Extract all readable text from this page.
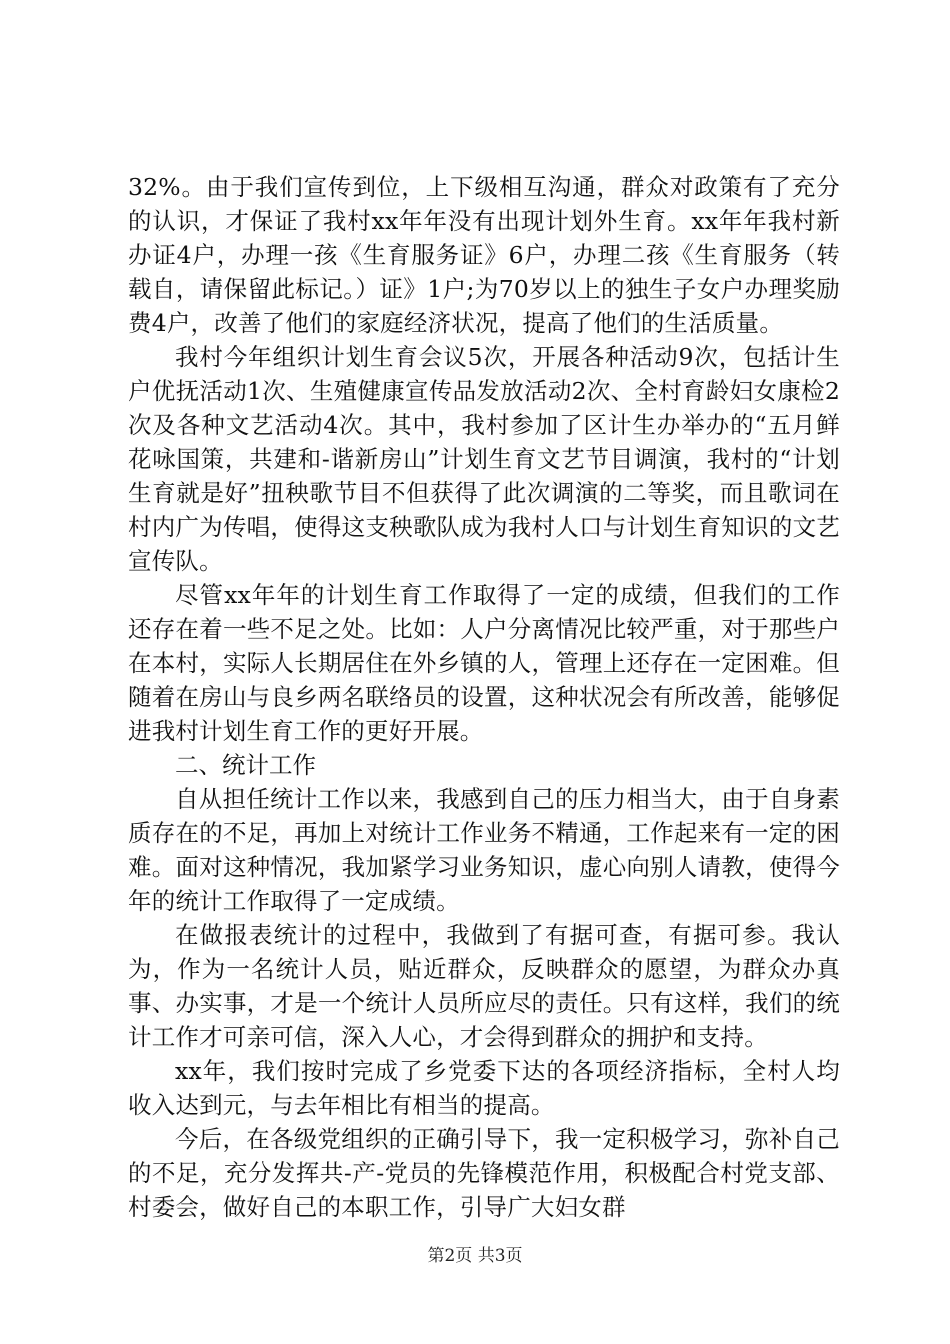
32%。由于我们宣传到位，上下级相互沟通，群众对政策有了充分的认识，才保证了我村xx年年没有出现计划外生育。xx年年我村新办证4户，办理一孩《生育服务证》6户，办理二孩《生育服务（转载自，请保留此标记。）证》1户;为70岁以上的独生子女户办理奖励费4户，改善了他们的家庭经济状况，提高了他们的生活质量。

我村今年组织计划生育会议5次，开展各种活动9次，包括计生户优抚活动1次、生殖健康宣传品发放活动2次、全村育龄妇女康检2次及各种文艺活动4次。其中，我村参加了区计生办举办的“五月鲜花咏国策，共建和-谐新房山”计划生育文艺节目调演，我村的“计划生育就是好”扭秧歌节目不但获得了此次调演的二等奖，而且歌词在村内广为传唱，使得这支秧歌队成为我村人口与计划生育知识的文艺宣传队。

尽管xx年年的计划生育工作取得了一定的成绩，但我们的工作还存在着一些不足之处。比如：人户分离情况比较严重，对于那些户在本村，实际人长期居住在外乡镇的人，管理上还存在一定困难。但随着在房山与良乡两名联络员的设置，这种状况会有所改善，能够促进我村计划生育工作的更好开展。

二、统计工作

自从担任统计工作以来，我感到自己的压力相当大，由于自身素质存在的不足，再加上对统计工作业务不精通，工作起来有一定的困难。面对这种情况，我加紧学习业务知识，虚心向别人请教，使得今年的统计工作取得了一定成绩。

在做报表统计的过程中，我做到了有据可查，有据可参。我认为，作为一名统计人员，贴近群众，反映群众的愿望，为群众办真事、办实事，才是一个统计人员所应尽的责任。只有这样，我们的统计工作才可亲可信，深入人心，才会得到群众的拥护和支持。

xx年，我们按时完成了乡党委下达的各项经济指标，全村人均收入达到元，与去年相比有相当的提高。

今后，在各级党组织的正确引导下，我一定积极学习，弥补自己的不足，充分发挥共-产-党员的先锋模范作用，积极配合村党支部、村委会，做好自己的本职工作，引导广大妇女群

第2页 共3页
